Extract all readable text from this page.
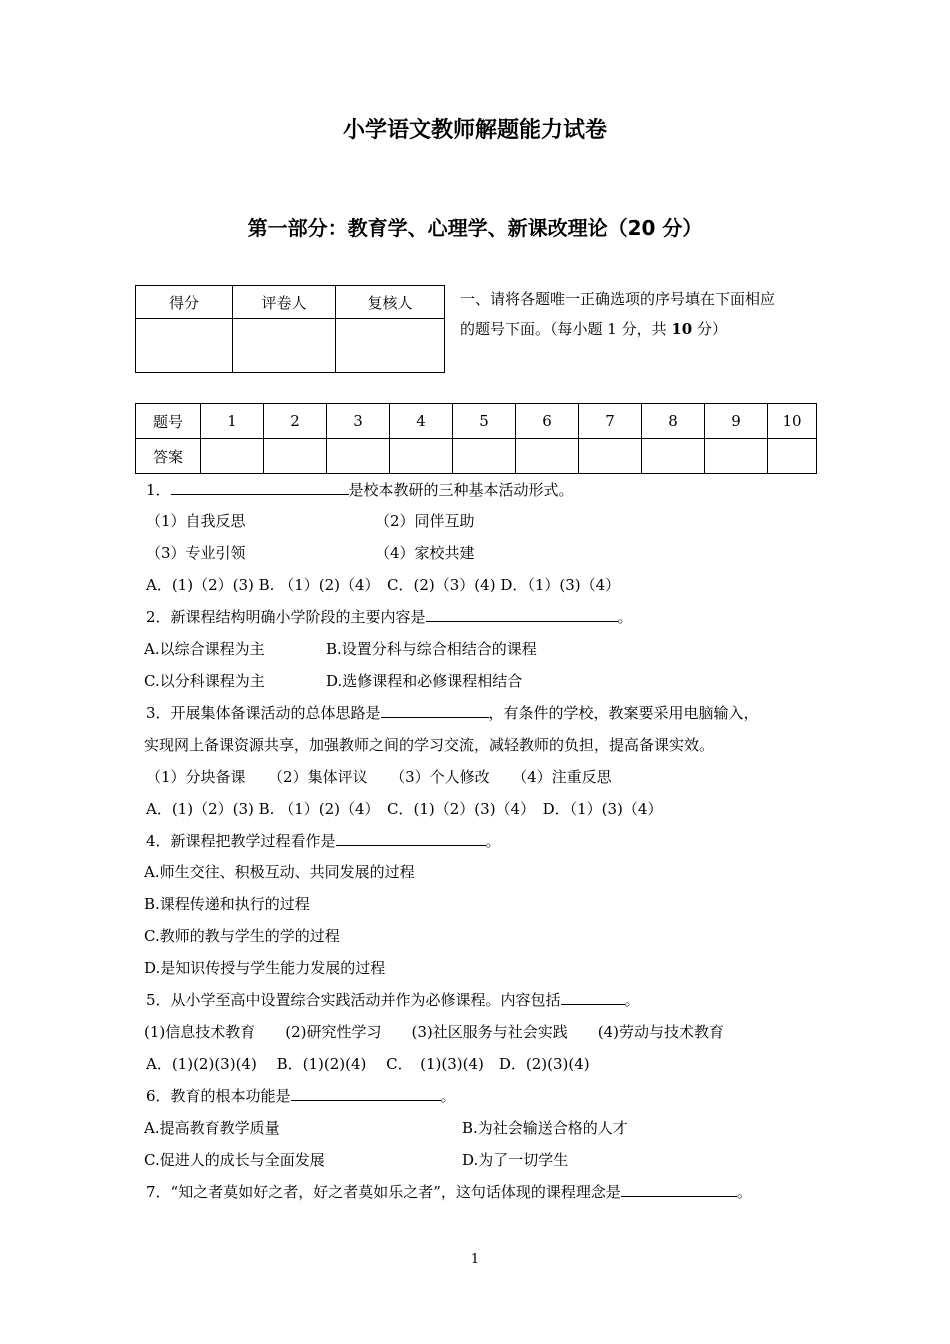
小学语文教师解题能力试卷
第一部分：教育学、心理学、新课改理论（20 分）
得分	评卷人	复核人
			一、请将各题唯一正确选项的序号填在下面相应
的题号下面。（每小题 1 分，共 10 分）
题号	1	2	3	4	5	6	7	8	9	10
答案										
1．	是校本教研的三种基本活动形式。
（1）自我反思	（2）同伴互助
（3）专业引领	（4）家校共建
A．(1)（2）(3) B. （1）(2)（4）　C．(2)（3）(4) D．（1）(3)（4）
2．新课程结构明确小学阶段的主要内容是	。
A.以综合课程为主	B.设置分科与综合相结合的课程
C.以分科课程为主	D.选修课程和必修课程相结合
3．开展集体备课活动的总体思路是	，有条件的学校，教案要采用电脑输入，
实现网上备课资源共享，加强教师之间的学习交流，减轻教师的负担，提高备课实效。
（1）分块备课　　（2）集体评议　　（3）个人修改　　（4）注重反思
A．(1)（2）(3) B. （1）(2)（4）　C．(1)（2）(3)（4）　D．（1）(3)（4）
4．新课程把教学过程看作是	。
A.师生交往、积极互动、共同发展的过程
B.课程传递和执行的过程
C.教师的教与学生的学的过程
D.是知识传授与学生能力发展的过程
5．从小学至高中设置综合实践活动并作为必修课程。内容包括	。
(1)信息技术教育　　(2)研究性学习　　(3)社区服务与社会实践　　(4)劳动与技术教育
A．(1)(2)(3)(4)　 B．(1)(2)(4)　 C．　(1)(3)(4)　D．(2)(3)(4)
6．教育的根本功能是	。
A.提高教育教学质量	B.为社会输送合格的人才
C.促进人的成长与全面发展	D.为了一切学生
7．“知之者莫如好之者，好之者莫如乐之者”，这句话体现的课程理念是	。
1
